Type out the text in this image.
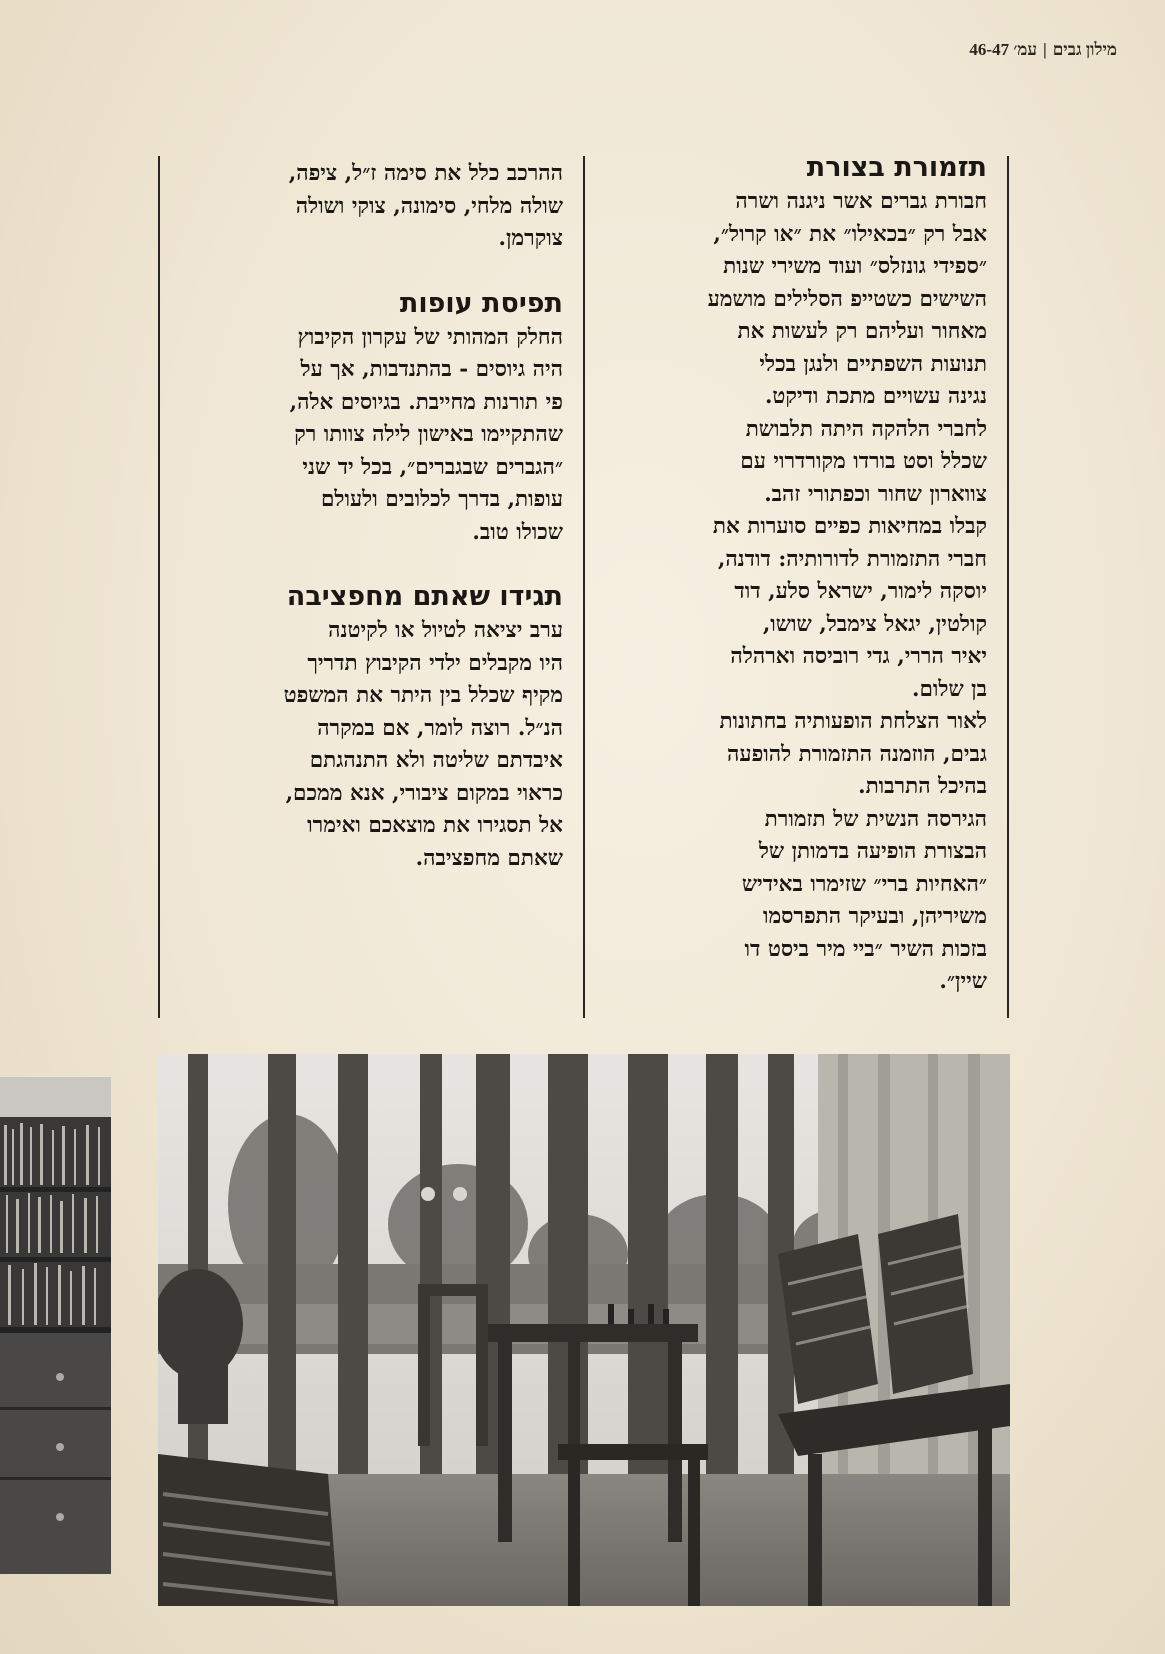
מילון גבים|עמ׳ 46-47
תזמורת בצורת

חבורת גברים אשר ניגנה ושרה

אבל רק ״בכאילו״ את ״או קרול״,

״ספידי גונזלס״ ועוד משירי שנות

השישים כשטייפ הסלילים מושמע

מאחור ועליהם רק לעשות את

תנועות השפתיים ולנגן בכלי

נגינה עשויים מתכת ודיקט.

לחברי הלהקה היתה תלבושת

שכלל וסט בורדו מקורדרוי עם

צווארון שחור וכפתורי זהב.

קבלו במחיאות כפיים סוערות את

חברי התזמורת לדורותיה: דודנה,

יוסקה לימור, ישראל סלע, דוד

קולטין, יגאל צימבל, שושו,

יאיר הררי, גדי רוביסה וארהלה

בן שלום.

לאור הצלחת הופעותיה בחתונות

גבים, הוזמנה התזמורת להופעה

בהיכל התרבות.

הגירסה הנשית של תזמורת

הבצורת הופיעה בדמותן של

״האחיות ברי״ שזימרו באידיש

משיריהן, ובעיקר התפרסמו

בזכות השיר ״ביי מיר ביסט דו

שיין״.

ההרכב כלל את סימה ז״ל, ציפה,

שולה מלחי, סימונה, צוקי ושולה

צוקרמן.

תפיסת עופות

החלק המהותי של עקרון הקיבוץ

היה גיוסים - בהתנדבות, אך על

פי תורנות מחייבת. בגיוסים אלה,

שהתקיימו באישון לילה צוותו רק

״הגברים שבגברים״, בכל יד שני

עופות, בדרך לכלובים ולעולם

שכולו טוב.

תגידו שאתם מחפציבה

ערב יציאה לטיול או לקיטנה

היו מקבלים ילדי הקיבוץ תדריך

מקיף שכלל בין היתר את המשפט

הנ״ל. רוצה לומר, אם במקרה

איבדתם שליטה ולא התנהגתם

כראוי במקום ציבורי, אנא ממכם,

אל תסגירו את מוצאכם ואימרו

שאתם מחפציבה.
